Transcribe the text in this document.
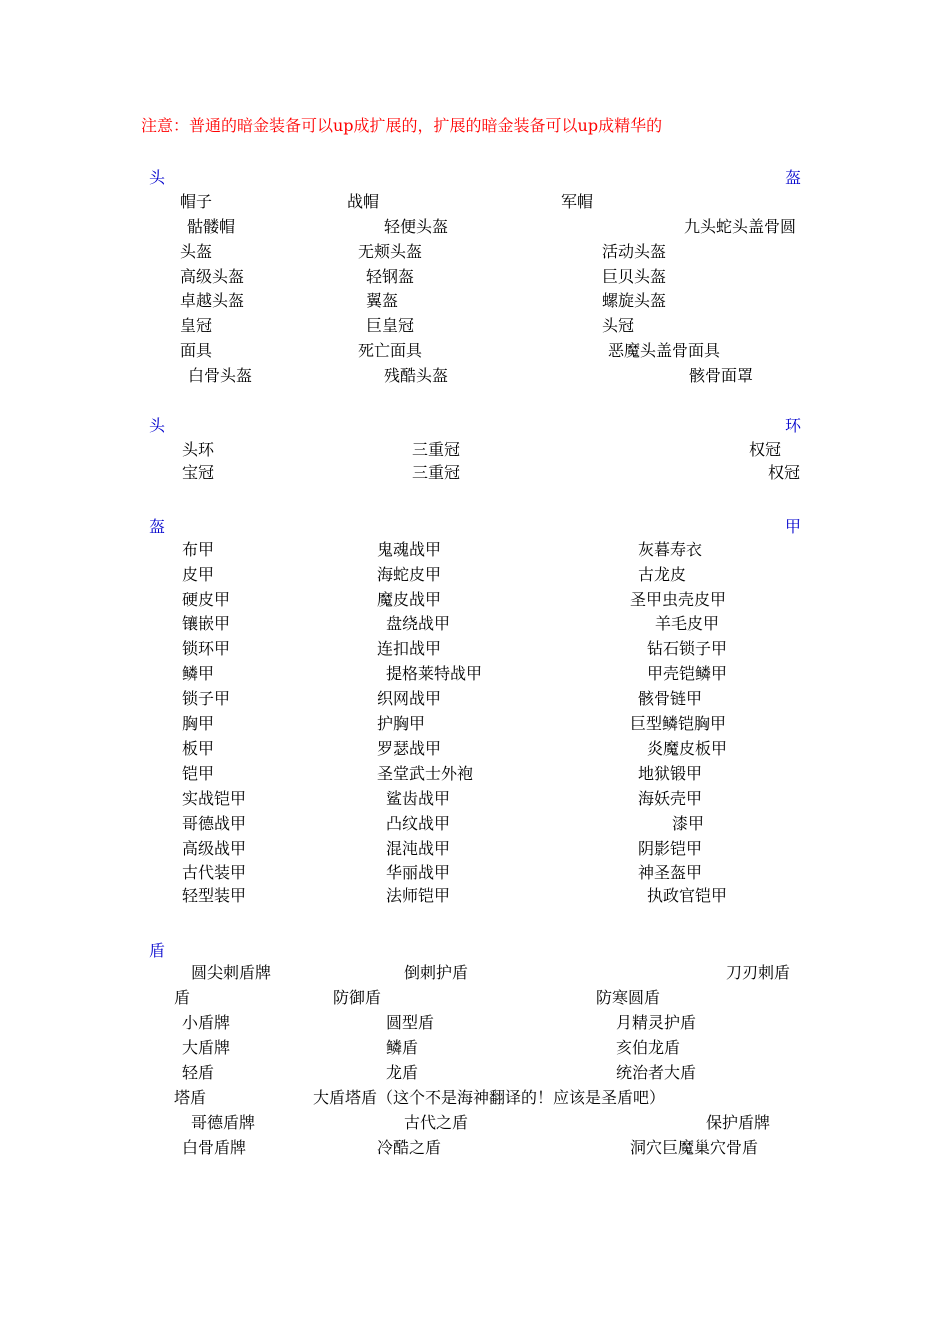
注意：普通的暗金装备可以up成扩展的，扩展的暗金装备可以up成精华的
头	盔
帽子	战帽	军帽
骷髅帽	轻便头盔	九头蛇头盖骨圆
头盔	无颊头盔	活动头盔
高级头盔	轻钢盔	巨贝头盔
卓越头盔	翼盔	螺旋头盔
皇冠	巨皇冠	头冠
面具	死亡面具	恶魔头盖骨面具
白骨头盔	残酷头盔	骸骨面罩
头	环
头环	三重冠	权冠
宝冠	三重冠	权冠
盔	甲
布甲	鬼魂战甲	灰暮寿衣
皮甲	海蛇皮甲	古龙皮
硬皮甲	魔皮战甲	圣甲虫壳皮甲
镶嵌甲	盘绕战甲	羊毛皮甲
锁环甲	连扣战甲	钻石锁子甲
鳞甲	提格莱特战甲	甲壳铠鳞甲
锁子甲	织网战甲	骸骨链甲
胸甲	护胸甲	巨型鳞铠胸甲
板甲	罗瑟战甲	炎魔皮板甲
铠甲	圣堂武士外袍	地狱锻甲
实战铠甲	鲨齿战甲	海妖壳甲
哥德战甲	凸纹战甲	漆甲
高级战甲	混沌战甲	阴影铠甲
古代装甲	华丽战甲	神圣盔甲
轻型装甲	法师铠甲	执政官铠甲
盾
圆尖刺盾牌	倒刺护盾	刀刃刺盾
盾	防御盾	防寒圆盾
小盾牌	圆型盾	月精灵护盾
大盾牌	鳞盾	亥伯龙盾
轻盾	龙盾	统治者大盾
塔盾	大盾塔盾（这个不是海神翻译的！应该是圣盾吧）
哥德盾牌	古代之盾	保护盾牌
白骨盾牌	冷酷之盾	洞穴巨魔巢穴骨盾
